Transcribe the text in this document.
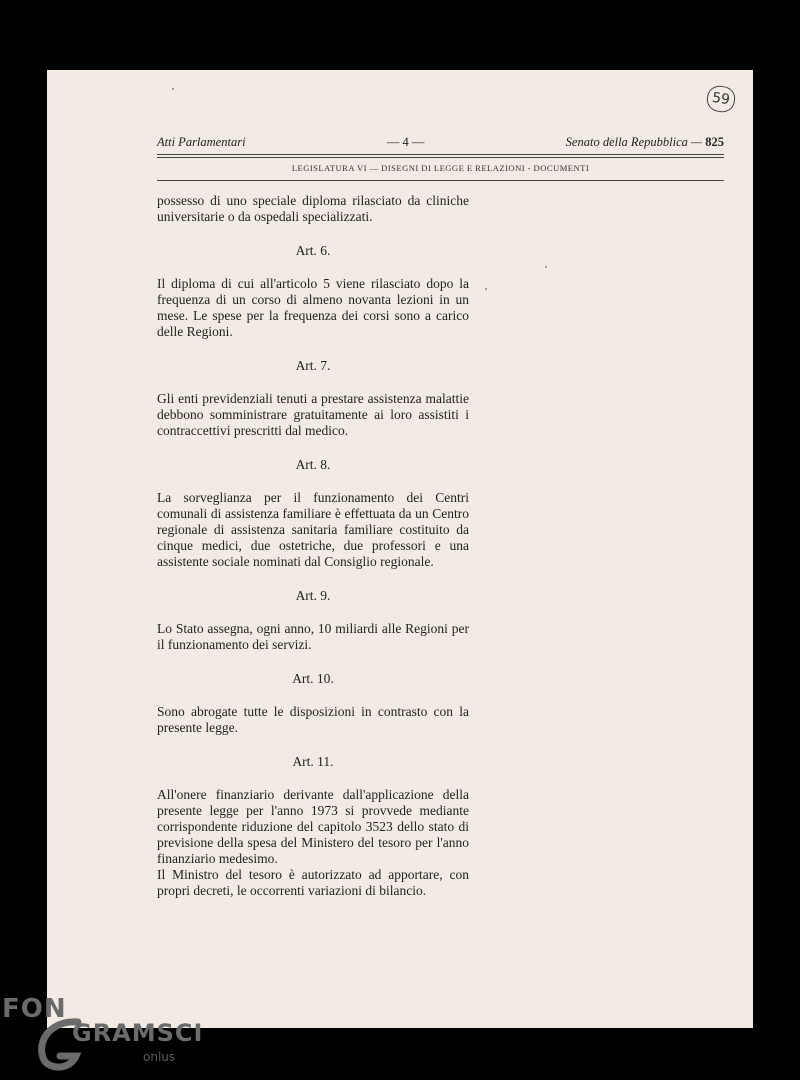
59
Atti Parlamentari	— 4 —	Senato della Repubblica — 825
LEGISLATURA VI — DISEGNI DI LEGGE E RELAZIONI - DOCUMENTI

possesso di uno speciale diploma rilasciato da cliniche universitarie o da ospedali specializzati.

Art. 6.

Il diploma di cui all'articolo 5 viene rilasciato dopo la frequenza di un corso di almeno novanta lezioni in un mese. Le spese per la frequenza dei corsi sono a carico delle Regioni.

Art. 7.

Gli enti previdenziali tenuti a prestare assistenza malattie debbono somministrare gratuitamente ai loro assistiti i contraccettivi prescritti dal medico.

Art. 8.

La sorveglianza per il funzionamento dei Centri comunali di assistenza familiare è effettuata da un Centro regionale di assistenza sanitaria familiare costituito da cinque medici, due ostetriche, due professori e una assistente sociale nominati dal Consiglio regionale.

Art. 9.

Lo Stato assegna, ogni anno, 10 miliardi alle Regioni per il funzionamento dei servizi.

Art. 10.

Sono abrogate tutte le disposizioni in contrasto con la presente legge.

Art. 11.

All'onere finanziario derivante dall'applicazione della presente legge per l'anno 1973 si provvede mediante corrispondente riduzione del capitolo 3523 dello stato di previsione della spesa del Ministero del tesoro per l'anno finanziario medesimo.

Il Ministro del tesoro è autorizzato ad apportare, con propri decreti, le occorrenti variazioni di bilancio.

FON
GRAMSCI
onlus
